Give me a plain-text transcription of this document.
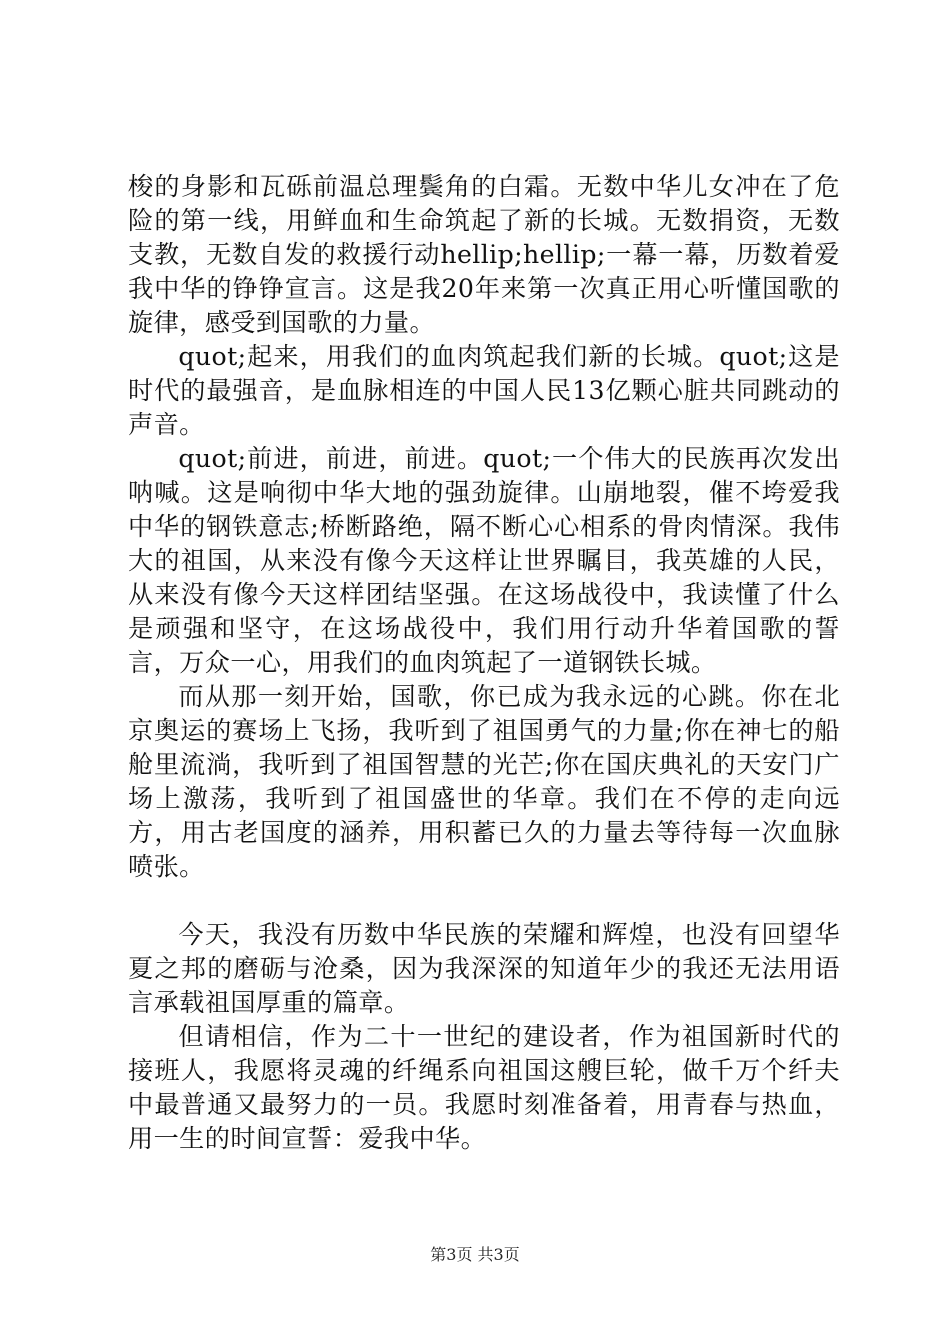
梭的身影和瓦砾前温总理鬓角的白霜。无数中华儿女冲在了危险的第一线，用鲜血和生命筑起了新的长城。无数捐资，无数支教，无数自发的救援行动hellip;hellip;一幕一幕，历数着爱我中华的铮铮宣言。这是我20年来第一次真正用心听懂国歌的旋律，感受到国歌的力量。

quot;起来，用我们的血肉筑起我们新的长城。quot;这是时代的最强音，是血脉相连的中国人民13亿颗心脏共同跳动的声音。

quot;前进，前进，前进。quot;一个伟大的民族再次发出呐喊。这是响彻中华大地的强劲旋律。山崩地裂，催不垮爱我中华的钢铁意志;桥断路绝，隔不断心心相系的骨肉情深。我伟大的祖国，从来没有像今天这样让世界瞩目，我英雄的人民，从来没有像今天这样团结坚强。在这场战役中，我读懂了什么是顽强和坚守，在这场战役中，我们用行动升华着国歌的誓言，万众一心，用我们的血肉筑起了一道钢铁长城。

而从那一刻开始，国歌，你已成为我永远的心跳。你在北京奥运的赛场上飞扬，我听到了祖国勇气的力量;你在神七的船舱里流淌，我听到了祖国智慧的光芒;你在国庆典礼的天安门广场上激荡，我听到了祖国盛世的华章。我们在不停的走向远方，用古老国度的涵养，用积蓄已久的力量去等待每一次血脉喷张。

今天，我没有历数中华民族的荣耀和辉煌，也没有回望华夏之邦的磨砺与沧桑，因为我深深的知道年少的我还无法用语言承载祖国厚重的篇章。

但请相信，作为二十一世纪的建设者，作为祖国新时代的接班人，我愿将灵魂的纤绳系向祖国这艘巨轮，做千万个纤夫中最普通又最努力的一员。我愿时刻准备着，用青春与热血，用一生的时间宣誓：爱我中华。

第3页 共3页
